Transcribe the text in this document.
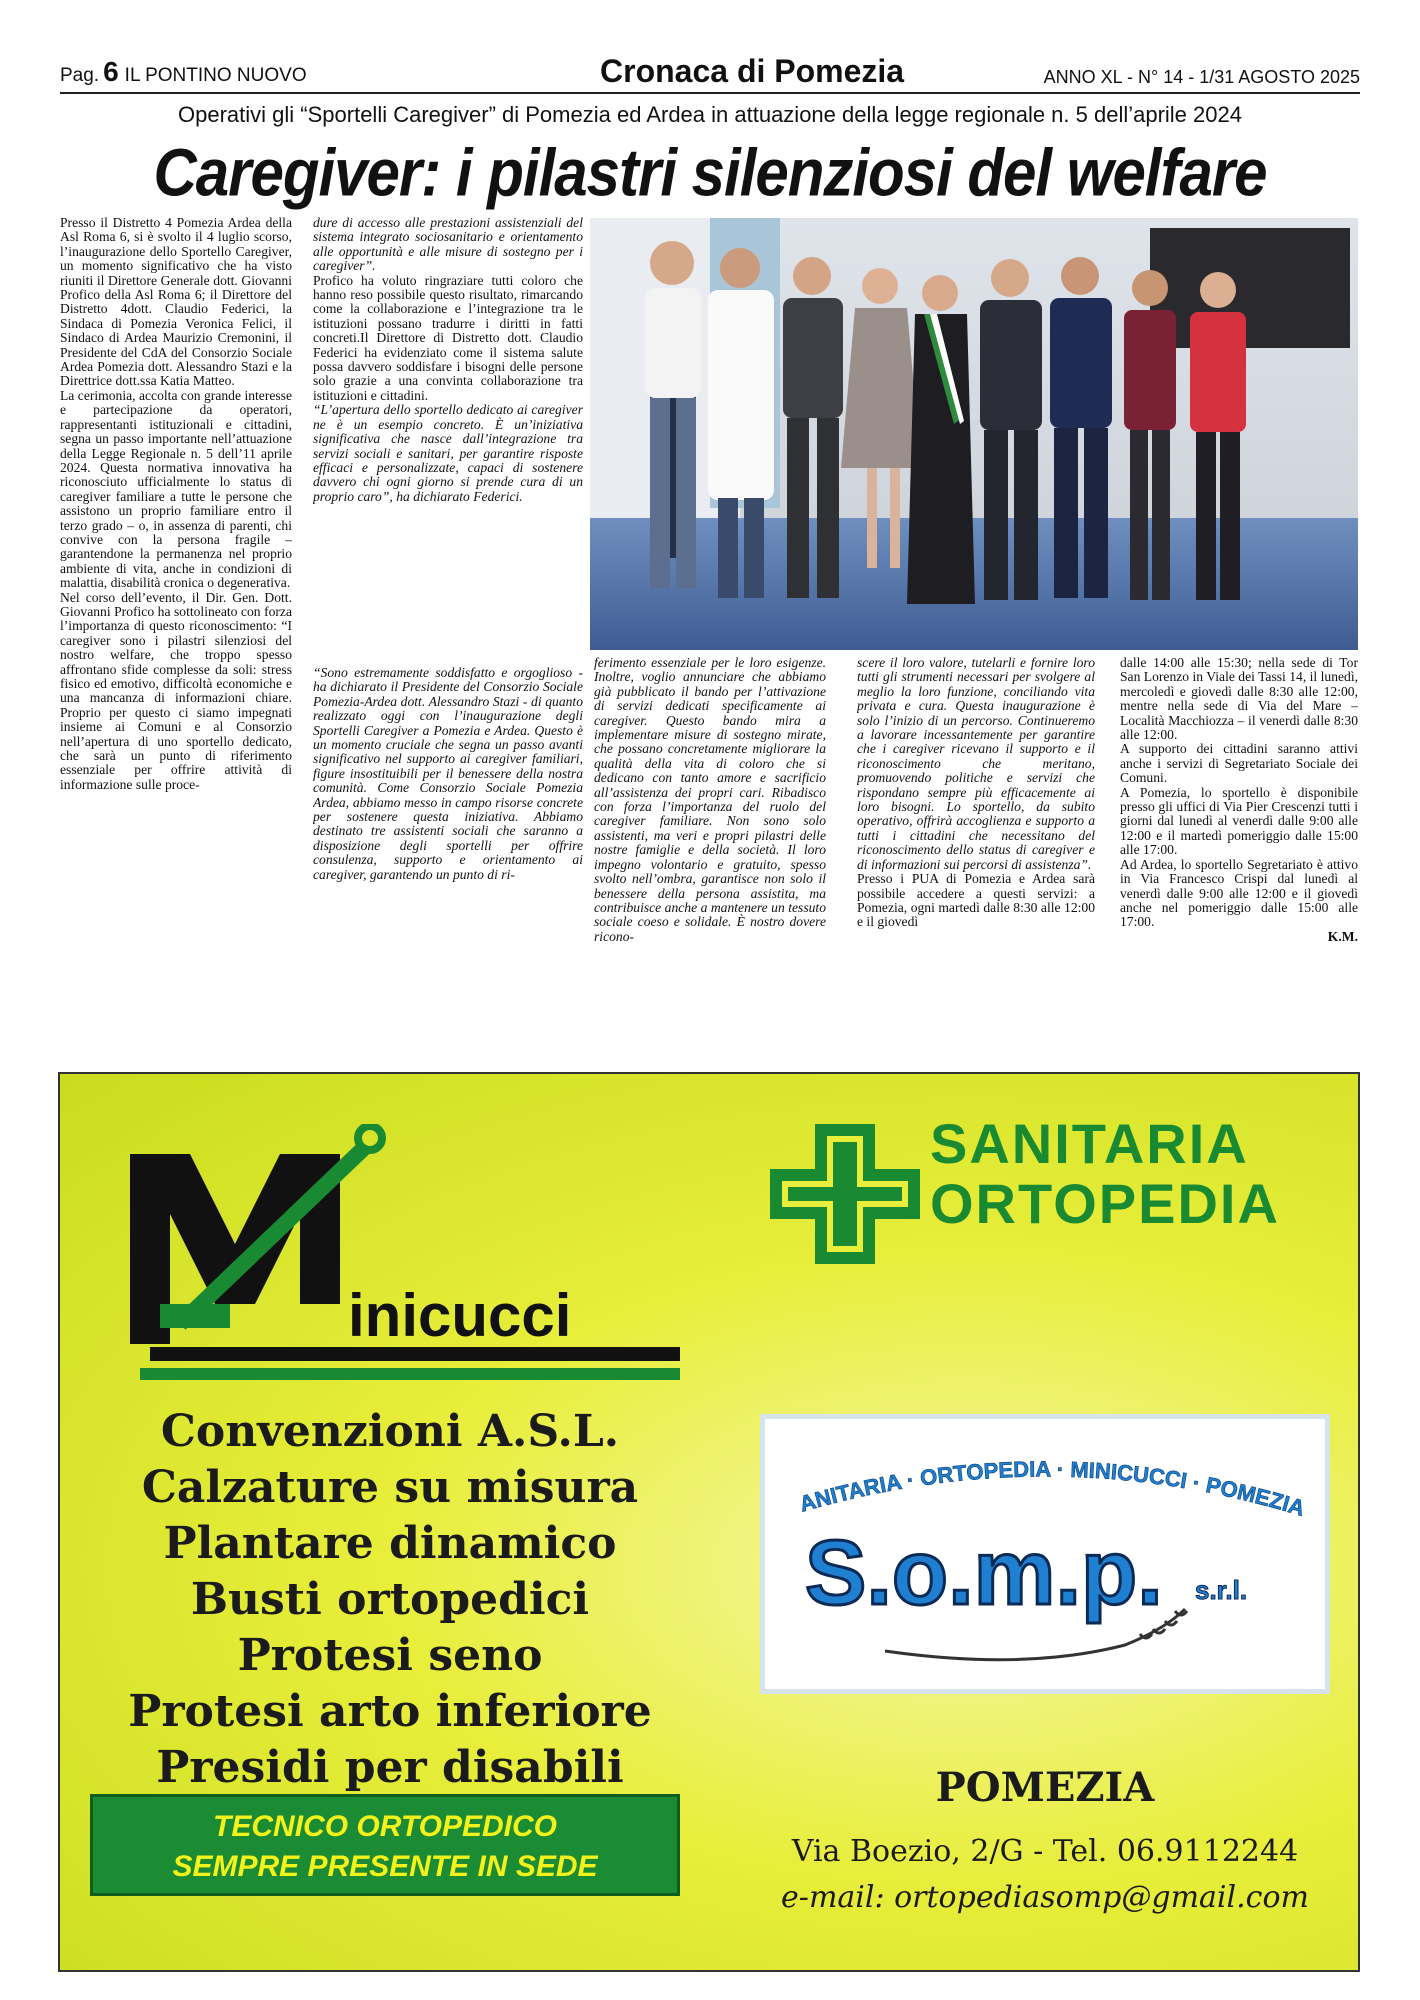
Pag. 6 IL PONTINO NUOVO	Cronaca di Pomezia	ANNO XL - N° 14 - 1/31 AGOSTO 2025
Operativi gli “Sportelli Caregiver” di Pomezia ed Ardea in attuazione della legge regionale n. 5 dell’aprile 2024
Caregiver: i pilastri silenziosi del welfare

Presso il Distretto 4 Pomezia Ardea della Asl Roma 6, si è svolto il 4 luglio scorso, l’inaugurazione dello Sportello Caregiver, un momento significativo che ha visto riuniti il Direttore Generale dott. Giovanni Profico della Asl Roma 6; il Direttore del Distretto 4dott. Claudio Federici, la Sindaca di Pomezia Veronica Felici, il Sindaco di Ardea Maurizio Cremonini, il Presidente del CdA del Consorzio Sociale Ardea Pomezia dott. Alessandro Stazi e la Direttrice dott.ssa Katia Matteo.

La cerimonia, accolta con grande interesse e partecipazione da operatori, rappresentanti istituzionali e cittadini, segna un passo importante nell’attuazione della Legge Regionale n. 5 dell’11 aprile 2024. Questa normativa innovativa ha riconosciuto ufficialmente lo status di caregiver familiare a tutte le persone che assistono un proprio familiare entro il terzo grado – o, in assenza di parenti, chi convive con la persona fragile – garantendone la permanenza nel proprio ambiente di vita, anche in condizioni di malattia, disabilità cronica o degenerativa.

Nel corso dell’evento, il Dir. Gen. Dott. Giovanni Profico ha sottolineato con forza l’importanza di questo riconoscimento: “I caregiver sono i pilastri silenziosi del nostro welfare, che troppo spesso affrontano sfide complesse da soli: stress fisico ed emotivo, difficoltà economiche e una mancanza di informazioni chiare. Proprio per questo ci siamo impegnati insieme ai Comuni e al Consorzio nell’apertura di uno sportello dedicato, che sarà un punto di riferimento essenziale per offrire attività di informazione sulle proce-

dure di accesso alle prestazioni assistenziali del sistema integrato sociosanitario e orientamento alle opportunità e alle misure di sostegno per i caregiver”.

Profico ha voluto ringraziare tutti coloro che hanno reso possibile questo risultato, rimarcando come la collaborazione e l’integrazione tra le istituzioni possano tradurre i diritti in fatti concreti.Il Direttore di Distretto dott. Claudio Federici ha evidenziato come il sistema salute possa davvero soddisfare i bisogni delle persone solo grazie a una convinta collaborazione tra istituzioni e cittadini.

“L’apertura dello sportello dedicato ai caregiver ne è un esempio concreto. È un’iniziativa significativa che nasce dall’integrazione tra servizi sociali e sanitari, per garantire risposte efficaci e personalizzate, capaci di sostenere davvero chi ogni giorno si prende cura di un proprio caro”, ha dichiarato Federici.

“Sono estremamente soddisfatto e orgoglioso - ha dichiarato il Presidente del Consorzio Sociale Pomezia-Ardea dott. Alessandro Stazi - di quanto realizzato oggi con l’inaugurazione degli Sportelli Caregiver a Pomezia e Ardea. Questo è un momento cruciale che segna un passo avanti significativo nel supporto ai caregiver familiari, figure insostituibili per il benessere della nostra comunità. Come Consorzio Sociale Pomezia Ardea, abbiamo messo in campo risorse concrete per sostenere questa iniziativa. Abbiamo destinato tre assistenti sociali che saranno a disposizione degli sportelli per offrire consulenza, supporto e orientamento ai caregiver, garantendo un punto di ri-

ferimento essenziale per le loro esigenze. Inoltre, voglio annunciare che abbiamo già pubblicato il bando per l’attivazione di servizi dedicati specificamente ai caregiver. Questo bando mira a implementare misure di sostegno mirate, che possano concretamente migliorare la qualità della vita di coloro che si dedicano con tanto amore e sacrificio all’assistenza dei propri cari. Ribadisco con forza l’importanza del ruolo del caregiver familiare. Non sono solo assistenti, ma veri e propri pilastri delle nostre famiglie e della società. Il loro impegno volontario e gratuito, spesso svolto nell’ombra, garantisce non solo il benessere della persona assistita, ma contribuisce anche a mantenere un tessuto sociale coeso e solidale. È nostro dovere ricono-

scere il loro valore, tutelarli e fornire loro tutti gli strumenti necessari per svolgere al meglio la loro funzione, conciliando vita privata e cura. Questa inaugurazione è solo l’inizio di un percorso. Continueremo a lavorare incessantemente per garantire che i caregiver ricevano il supporto e il riconoscimento che meritano, promuovendo politiche e servizi che rispondano sempre più efficacemente ai loro bisogni. Lo sportello, da subito operativo, offrirà accoglienza e supporto a tutti i cittadini che necessitano del riconoscimento dello status di caregiver e di informazioni sui percorsi di assistenza”.

Presso i PUA di Pomezia e Ardea sarà possibile accedere a questi servizi: a Pomezia, ogni martedì dalle 8:30 alle 12:00 e il giovedì

dalle 14:00 alle 15:30; nella sede di Tor San Lorenzo in Viale dei Tassi 14, il lunedì, mercoledì e giovedì dalle 8:30 alle 12:00, mentre nella sede di Via del Mare – Località Macchiozza – il venerdì dalle 8:30 alle 12:00.

A supporto dei cittadini saranno attivi anche i servizi di Segretariato Sociale dei Comuni.

A Pomezia, lo sportello è disponibile presso gli uffici di Via Pier Crescenzi tutti i giorni dal lunedì al venerdì dalle 9:00 alle 12:00 e il martedì pomeriggio dalle 15:00 alle 17:00.

Ad Ardea, lo sportello Segretariato è attivo in Via Francesco Crispi dal lunedì al venerdì dalle 9:00 alle 12:00 e il giovedì anche nel pomeriggio dalle 15:00 alle 17:00.

K.M.

inicucci
SANITARIA
ORTOPEDIA
Convenzioni A.S.L.
Calzature su misura
Plantare dinamico
Busti ortopedici
Protesi seno
Protesi arto inferiore
Presidi per disabili
TECNICO ORTOPEDICO
SEMPRE PRESENTE IN SEDE
ANITARIA · ORTOPEDIA · MINICUCCI · POMEZIA
S.o.m.p. s.r.l.
POMEZIA
Via Boezio, 2/G - Tel. 06.9112244
e-mail: ortopediasomp@gmail.com
